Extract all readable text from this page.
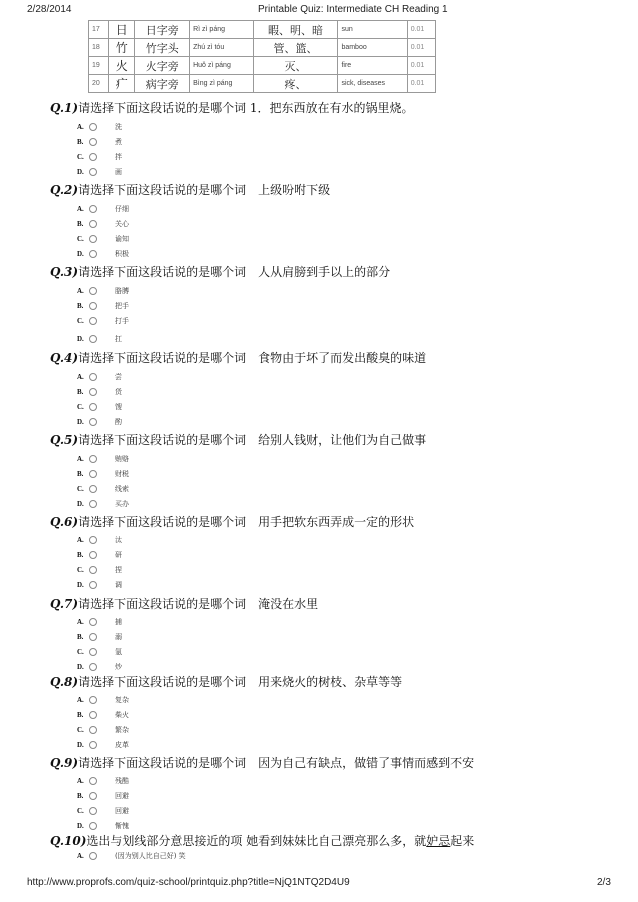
2/28/2014	Printable Quiz: Intermediate CH Reading 1
17	日	日字旁	Rì zì páng	暇、明、暗	sun	0.01
18	竹	竹字头	Zhú zì tóu	管、篮、	bamboo	0.01
19	火	火字旁	Huǒ zì páng	灭、	fire	0.01
20	疒	病字旁	Bìng zì páng	疼、	sick, diseases	0.01
Q.1)请选择下面这段话说的是哪个词 1．把东西放在有水的锅里烧。
A.	洗
B.	煮
C.	拌
D.	画
Q.2)请选择下面这段话说的是哪个词　上级吩咐下级
A.	仔细
B.	关心
C.	谕知
D.	积极
Q.3)请选择下面这段话说的是哪个词　人从肩膀到手以上的部分
A.	胳膊
B.	把手
C.	打手
D.	扛
Q.4)请选择下面这段话说的是哪个词　食物由于坏了而发出酸臭的味道
A.	尝
B.	货
C.	馊
D.	酌
Q.5)请选择下面这段话说的是哪个词　给别人钱财，让他们为自己做事
A.	贿赂
B.	财税
C.	线索
D.	买办
Q.6)请选择下面这段话说的是哪个词　用手把软东西弄成一定的形状
A.	汰
B.	研
C.	捏
D.	调
Q.7)请选择下面这段话说的是哪个词　淹没在水里
A.	捕
B.	溺
C.	氩
D.	炒
Q.8)请选择下面这段话说的是哪个词　用来烧火的树枝、杂草等等
A.	复杂
B.	柴火
C.	繁杂
D.	皮革
Q.9)请选择下面这段话说的是哪个词　因为自己有缺点，做错了事情而感到不安
A.	残酷
B.	回避
C.	回避
D.	惭愧
Q.10)选出与划线部分意思接近的项 她看到妹妹比自己漂亮那么多，就妒忌起来
A.	(因为别人比自己好) 笑
http://www.proprofs.com/quiz-school/printquiz.php?title=NjQ1NTQ2D4U9	2/3
